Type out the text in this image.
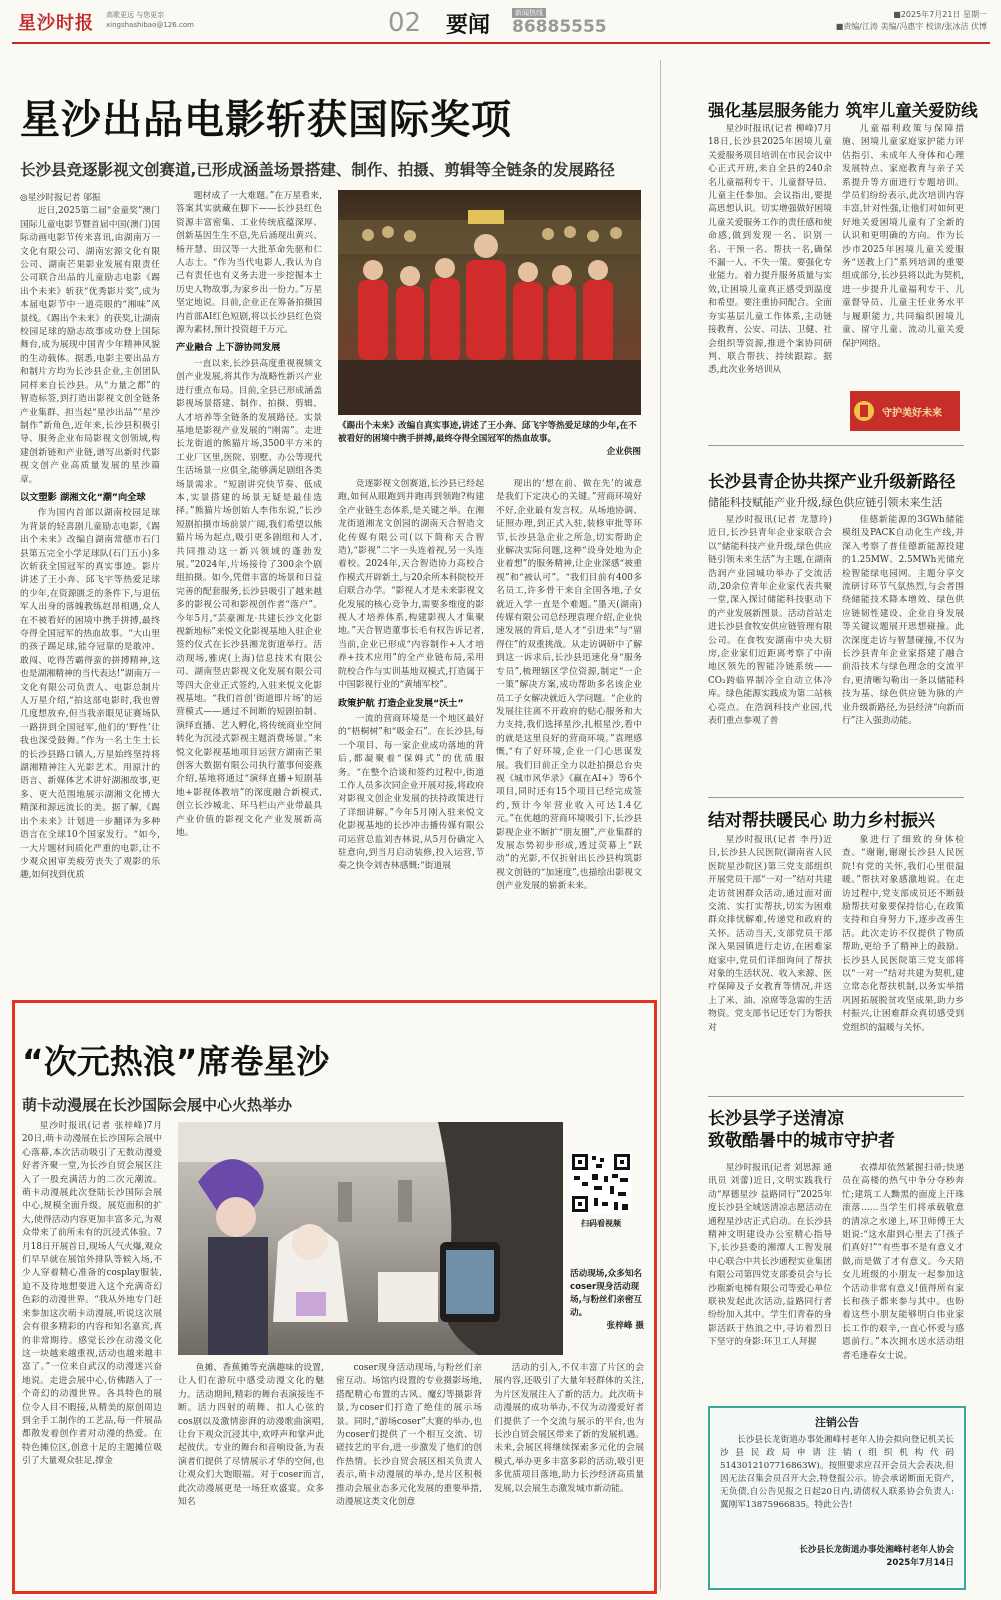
星沙时报 高歌更远 与您更亲 xingshashibao@126.com	02 要闻	新闻热线
86885555
■2025年7月21日 星期一
■责编/江涛 美编/冯惠宇 校读/张冰洁 伏博
星沙出品电影斩获国际奖项
长沙县竞逐影视文创赛道,已形成涵盖场景搭建、制作、拍摄、剪辑等全链条的发展路径

◎星沙时报记者 邬振

近日,2025第二届“金童奖”澳门国际儿童电影节暨首届中国(澳门)国际动画电影节传来喜讯,由湖南万一文化有限公司、湖南宏源文化有限公司、湖南芒果影业发展有限责任公司联合出品的儿童励志电影《踢出个未来》斩获“优秀影片奖”,成为本届电影节中一道亮眼的“湘味”风景线。《踢出个未来》的获奖,让湖南校园足球的励志故事成功登上国际舞台,成为展现中国青少年精神风貌的生动载体。据悉,电影主要出品方和制片方均为长沙县企业,主创团队同样来自长沙县。从“力量之都”的智造标签,到打造出影视文创全链条产业集群、担当起“星沙出品”“星沙制作”新角色,近年来,长沙县积极引导、服务企业布局影视文创领域,构建创新链和产业链,谱写出新时代影视文创产业高质量发展的星沙篇章。

以文塑影 湖湘文化“潮”向全球

作为国内首部以湖南校园足球为背景的轻喜剧儿童励志电影,《踢出个未来》改编自湖南常德市石门县第五完全小学足球队(石门五小)多次斩获全国冠军的真实事迹。影片讲述了王小奔、邱飞宇等热爱足球的少年,在资源匮乏的条件下,与退伍军人出身的落魄教练赵昂相遇,众人在不被看好的困境中携手拼搏,最终夺得全国冠军的热血故事。“大山里的孩子踢足球,能夺冠靠的是敢冲、敢闯、吃得苦霸得蛮的拼搏精神,这也是湖湘精神的当代表达!”湖南万一文化有限公司负责人、电影总制片人万星介绍,“拍这部电影时,我也曾几度想放弃,但当我亲眼见证赛场队一路拼到全国冠军,他们的‘野性’让我也深受鼓舞。”作为一名土生土长的长沙县路口镇人,万星始终坚持将湖湘精神注入光影艺术。用原汁的语言、新媒体艺术讲好湖湘故事,更多、更大范围地展示湖湘文化博大精深和源远流长的美。据了解,《踢出个未来》计划进一步翻译为多种语言在全球10个国家发行。“如今,一大片题材间质化严重的电影,让不少观众困审美疲劳丧失了观影的乐趣,如何找到优质

题材成了一大难题。”在万星看来,答案其实就藏在脚下——长沙县红色资源丰富密集、工业传统底蕴深厚、创新基因生生不息,先后涌现出黄兴、杨开慧、田汉等一大批革命先驱和仁人志士。“作为当代电影人,我认为自己有责任也有义务去进一步挖掘本土历史人物故事,为家乡出一份力。”万星坚定地说。目前,企业正在筹备拍摄国内首部AI红色短剧,将以长沙县红色资源为素材,预计投资超千万元。

产业融合 上下游协同发展

一直以来,长沙县高度重视视频文创产业发展,将其作为战略性新兴产业进行重点布局。目前,全县已形成涵盖影视场景搭建、制作、拍摄、剪辑、人才培养等全链条的发展路径。实景基地是影视产业发展的“刚需”。走进长龙街道的熊猫片场,3500平方米的工业厂区里,医院、别墅、办公等现代生活场景一应俱全,能够满足剧组各类场景需求。“短剧讲究快节奏、低成本,实景搭建的场景无疑是最佳选择。”熊猫片场创始人李伟东说,“长沙短剧拍摄市场前景广阔,我们希望以熊猫片场为起点,吸引更多剧组和人才,共同推动这一新兴领域的蓬勃发展。”2024年,片场接待了300余个剧组拍摄。如今,凭借丰富的场景和日益完善的配套服务,长沙县吸引了越来越多的影视公司和影视创作者“落户”。今年5月,“芸豪湘龙·共建长沙文化影视新地标”来悦文化影视基地入驻企业签约仪式在长沙县湘龙街道举行。活动现场,雅虎(上海)信息技术有限公司、湖南竖店影视文化发展有限公司等四大企业正式签约,入驻来悦文化影视基地。“我们首创‘街道即片场’的运营模式——通过不间断的短剧拍制、演绎直播、艺人孵化,将传统商业空间转化为沉浸式影视主题消费场景。”来悦文化影视基地项目运营方湖南芒果创客大数据有限公司执行董事何姿燕介绍,基地将通过“演绎直播+短剧基地+影视体教培”的深度融合新模式,创立长沙城北、环马栏山产业带最具产业价值的影视文化产业发展新高地。

《踢出个未来》改编自真实事迹,讲述了王小奔、邱飞宇等热爱足球的少年,在不被看好的困境中携手拼搏,最终夺得全国冠军的热血故事。
企业供图

竞逐影视文创赛道,长沙县已经起跑,如何从眼跑到并跑再到领跑?构建全产业链生态体系,是关键之举。在湘龙街道湘龙文创园的湖南天合智造文化传媒有限公司(以下简称天合智造),“影视”二字一头连着视,另一头连着校。2024年,天合智造协力高校合作模式开辟新土,与20余所本科院校开启联合办学。“影视人才是未来影视文化发展的核心竞争力,需要多维度的影视人才培养体系,构建影视人才集聚地。”天合智造董事长毛有权告诉记者,当前,企业已形成“内容制作+人才培养+技术应用”的全产业链布局,采用院校合作与实训基地双模式,打造属于中国影视行业的“黄埔军校”。

政策护航 打造企业发展“沃土”

一流的营商环境是一个地区最好的“梧桐树”和“吸金石”。在长沙县,每一个项目、每一家企业成功落地的背后,都凝聚着“保姆式”的优质服务。“在整个洽谈和签约过程中,街道工作人员多次同企业开展对接,将政府对影视文创企业发展的扶持政策进行了详细讲解。”今年5月刚入驻来悦文化影视基地的长沙冲击播传媒有限公司运营总监刘杏林说,从5月份确定入驻意向,到当月启动装修,投入运营,节奏之快令刘杏林感慨:“街道展

现出的‘想在前、做在先’的诚意是我们下定决心的关键。”营商环境好不好,企业最有发言权。从场地协调、证照办理,到正式入驻,装修审批等环节,长沙县急企业之所急,切实帮助企业解决实际问题,这种“设身处地为企业着想”的服务精神,让企业深感“被重视”和“被认可”。“我们目前有400多名员工,许多骨干来自全国各地,子女就近入学一直是个难题。”墨天(湖南)传媒有限公司总经理袁理介绍,企业快速发展的背后,是人才“引进来”与“留得住”的双重挑战。从走访调研中了解到这一诉求后,长沙县迅速化身“服务专员”,梳理辖区学位资源,制定“一企一策”解决方案,成功帮助多名该企业员工子女解决就近入学问题。“企业的发展往往离不开政府的贴心服务和大力支持,我们选择星沙,扎根星沙,看中的就是这里良好的营商环境。”袁理感慨,“有了好环境,企业一门心思谋发展。我们目前正全力以赴拍摄总台央视《城市风华录》《赢在AI+》等6个项目,同时还有15个项目已经完成签约,预计今年营业收入可达1.4亿元。”在优越的营商环境吸引下,长沙县影视企业不断扩“朋友圈”,产业集群的发展态势初步形成,透过荧幕上“跃动”的光影,不仅折射出长沙县构筑影视文创链的“加速度”,也描绘出影视文创产业发展的崭新未来。

强化基层服务能力 筑牢儿童关爱防线

星沙时报讯(记者 柳峰)7月18日,长沙县2025年困境儿童关爱服务项目培训在市民会议中心正式开班,来自全县的240余名儿童福利专干、儿童督导员、儿童主任参加。会议指出,要提高思想认识。切实增强做好困境儿童关爱服务工作的责任感和使命感,做到发现一名、识别一名、干预一名、帮扶一名,确保不漏一人、不失一策。要强化专业能力。着力提升服务质量与实效,让困境儿童真正感受到温度和希望。要注重协同配合。全面夯实基层儿童工作体系,主动链接教育、公安、司法、卫健、社会组织等资源,推进个案协同研判、联合帮扶、持续跟踪。据悉,此次业务培训从

儿童福利政策与保障措施、困境儿童家庭家护能力评估指引、未成年人身体和心理发展特点、家庭教育与亲子关系提升等方面进行专题培训。学员们纷纷表示,此次培训内容丰富,针对性强,让他们对如何更好地关爱困境儿童有了全新的认识和更明确的方向。作为长沙市2025年困境儿童关爱服务“送教上门”系列培训的重要组成部分,长沙县将以此为契机,进一步提升儿童福利专干、儿童督导员、儿童主任业务水平与履职能力,共同编织困境儿童、留守儿童、流动儿童关爱保护网络。

守护美好未来
长沙县青企协共探产业升级新路径
储能科技赋能产业升级,绿色供应链引领未来生活

星沙时报讯(记者 龙慧玲)近日,长沙县青年企业家联合会以“储能科技产业升级,绿色供应链引领未来生活”为主题,在湖南浩润产业园城功举办了交流活动,20余位青年企业家代表共聚一堂,深入探讨储能科技驱动下的产业发展新图景。活动首站走进长沙县食牧安供应链管理有限公司。在食牧安湖南中央大厨房,企业家们近距离考察了中南地区领先的智能冷链系统——CO₂跨临界制冷全自动立体冷库。绿色能源实践成为第二站核心亮点。在浩润科技产业园,代表们重点参观了普

佳德新能源的3GWh储能模组及PACK自动化生产线,并深入考察了普佳德新能源投建的1.25MW、2.5MWh光储充检智能绿电园网。主题分享交流研讨环节气氛热烈,与会者围绕储能技术降本增效、绿色供应链韧性建设、企业自身发展等关键议题展开思想碰撞。此次深度走访与智慧碰撞,不仅为长沙县青年企业家搭建了融合前沿技术与绿色理念的交流平台,更清晰勾勒出一条以储能科技为基、绿色供应链为脉的产业升级新路径,为县经济“向新而行”注入强劲动能。

结对帮扶暖民心 助力乡村振兴

星沙时报讯(记者 李丹)近日,长沙县人民医院(湖南省人民医院星沙院区)第三党支部组织开展党员干部“一对一”结对共建走访贫困群众活动,通过面对面交流、实打实帮扶,切实为困难群众排忧解难,传递党和政府的关怀。活动当天,支部党员干部深入果园镇进行走访,在困难家庭家中,党员们详细询问了帮扶对象的生活状况、收入来源、医疗保障及子女教育等情况,并送上了米、油、凉席等急需的生活物资。党支部书记还专门为帮扶对

象进行了细致的身体检查。“谢谢,谢谢长沙县人民医院!有党的关怀,我们心里很温暖。”帮扶对象感激地说。在走访过程中,党支部成员还不断鼓励帮扶对象要保持信心,在政策支持和自身努力下,逐步改善生活。此次走访不仅提供了物质帮助,更给予了精神上的鼓励。长沙县人民医院第三党支部将以“一对一”结对共建为契机,建立常态化帮扶机制,以务实举措巩固拓展脱贫攻坚成果,助力乡村振兴,让困难群众真切感受到党组织的温暖与关怀。

长沙县学子送清凉
致敬酷暑中的城市守护者

星沙时报讯(记者 刘思源 通讯员 刘蕾)近日,文明实践我行动“厚德星沙 益路同行”2025年度长沙县全域送清凉志愿活动在通程星沙店正式启动。在长沙县精神文明建设办公室精心指导下,长沙县委的湘潭人工智发展中心联合中共长沙通程实业集团有限公司第四党支部委员会与长沙瓶新电梯有限公司等爱心单位联袂发起此次活动,益路同行者纷纷加入其中。学生们青春的身影活跃于热浪之中,寻访着烈日下坚守的身影:环卫工人拜握

衣襟却依然紧握扫帚;快递员在高楼的热气中争分夺秒奔忙;建筑工人黝黑的面庞上汗珠滚落……当学生们将承载敬意的清凉之水递上,环卫师傅王大姐说:“这水甜到心里去了!孩子们真好!”“有些事不是有意义才做,而是做了才有意义。今天陪女儿班级的小朋友一起参加这个活动非常有意义!值得所有家长和孩子都来参与其中。也盼着这些小朋友能够明白伟业家长工作的艰辛,一直心怀爱与感恩前行。”本次拥水送水活动组者毛逢春女士说。

注销公告

长沙县长龙街道办事处湘峰村老年人协会拟向登记机关长沙县民政局申请注销(组织机构代码5143012107716863W)。按照要求应召开会员大会表决,但因无法召集会员召开大会,特登报公示。协会承诺断面无资产,无负债,自公告见报之日起20日内,请债权人联系协会负责人:翼刚军13875966835。特此公告!

长沙县长龙街道办事处湘峰村老年人协会
2025年7月14日
“次元热浪”席卷星沙
萌卡动漫展在长沙国际会展中心火热举办

星沙时报讯(记者 张梓峰)7月20日,萌卡动漫展在长沙国际会展中心落幕,本次活动吸引了无数动漫爱好者齐聚一堂,为长沙自贸会展区注入了一股充满活力的二次元潮流。萌卡动漫展此次登陆长沙国际会展中心,规模全面升级。展览面积的扩大,使得活动内容更加丰富多元,为观众带来了前所未有的沉浸式体验。7月18日开展首日,现场人气火爆,观众们早早就在展馆外排队等候入场,不少人穿着精心准备的cosplay服装,迫不及待地想要进入这个充满奇幻色彩的动漫世界。“我从外地专门赶来参加这次萌卡动漫展,听说这次展会有很多精彩的内容和知名嘉宾,真的非常期待。感觉长沙在动漫文化这一块越来越重视,活动也越来越丰富了。”一位来自武汉的动漫迷兴奋地说。走进会展中心,仿佛踏入了一个奇幻的动漫世界。各具特色的展位令人目不暇接,从精美的原创周边到全手工制作的工艺品,每一件展品都散发着创作者对动漫的热爱。在特色摊位区,创意十足的主题摊位吸引了大量观众驻足,撑金

扫码看视频
活动现场,众多知名coser现身活动现场,与粉丝们亲密互动。
张梓峰 摄

鱼摊、香蕉摊等充满趣味的设置,让人们在游玩中感受动漫文化的魅力。活动期间,精彩的舞台表演接连不断。活力四射的萌舞、扣人心弦的cos剧以及激情澎湃的动漫歌曲演唱,让台下观众沉浸其中,欢呼声和掌声此起彼伏。专业的舞台和音响设备,为表演者们提供了尽情展示才华的空间,也让观众们大饱眼福。对于coser而言,此次动漫展更是一场狂欢盛宴。众多知名

coser现身活动现场,与粉丝们亲密互动。场馆内设置的专业摄影场地,搭配精心布置的古风、魔幻等摄影背景,为coser们打造了绝佳的展示场景。同时,“游场coser”大赛的举办,也为coser们提供了一个相互交流、切磋技艺的平台,进一步激发了他们的创作热情。长沙自贸会展区相关负责人表示,萌卡动漫展的举办,是片区积极推动会展业态多元化发展的重要举措,动漫展这类文化创意

活动的引入,不仅丰富了片区的会展内容,还吸引了大量年轻群体的关注,为片区发展注入了新的活力。此次萌卡动漫展的成功举办,不仅为动漫爱好者们提供了一个交流与展示的平台,也为长沙自贸会展区带来了新的发展机遇。未来,会展区将继续探索多元化的会展模式,举办更多丰富多彩的活动,吸引更多优质项目落地,助力长沙经济高质量发展,以会展生态激发城市新动能。
